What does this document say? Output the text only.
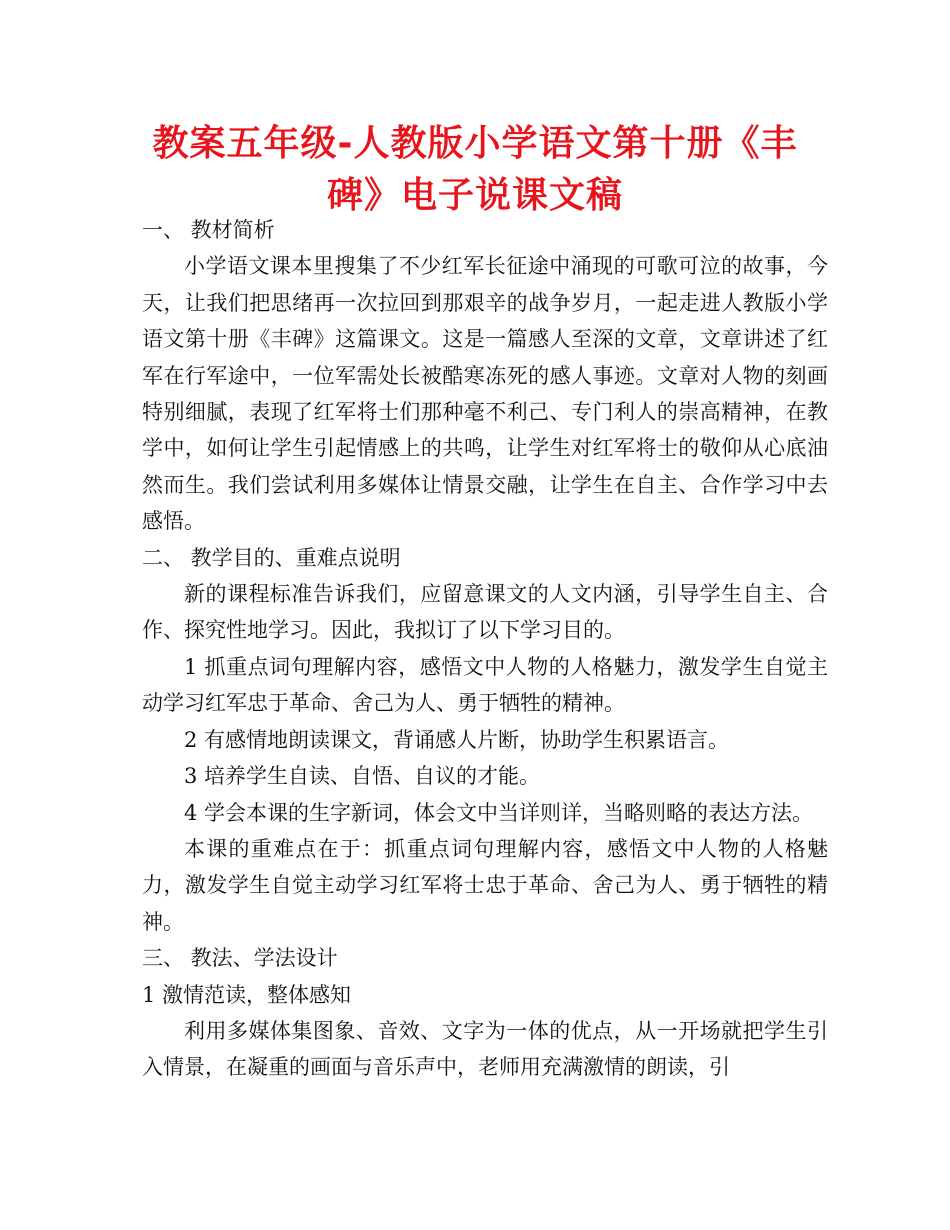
教案五年级-人教版小学语文第十册《丰碑》电子说课文稿

一、 教材简析

小学语文课本里搜集了不少红军长征途中涌现的可歌可泣的故事，今天，让我们把思绪再一次拉回到那艰辛的战争岁月，一起走进人教版小学语文第十册《丰碑》这篇课文。这是一篇感人至深的文章，文章讲述了红军在行军途中，一位军需处长被酷寒冻死的感人事迹。文章对人物的刻画特别细腻，表现了红军将士们那种毫不利己、专门利人的崇高精神，在教学中，如何让学生引起情感上的共鸣，让学生对红军将士的敬仰从心底油然而生。我们尝试利用多媒体让情景交融，让学生在自主、合作学习中去感悟。

二、 教学目的、重难点说明

新的课程标准告诉我们，应留意课文的人文内涵，引导学生自主、合作、探究性地学习。因此，我拟订了以下学习目的。

1 抓重点词句理解内容，感悟文中人物的人格魅力，激发学生自觉主动学习红军忠于革命、舍己为人、勇于牺牲的精神。

2 有感情地朗读课文，背诵感人片断，协助学生积累语言。

3 培养学生自读、自悟、自议的才能。

4 学会本课的生字新词，体会文中当详则详，当略则略的表达方法。

本课的重难点在于：抓重点词句理解内容，感悟文中人物的人格魅力，激发学生自觉主动学习红军将士忠于革命、舍己为人、勇于牺牲的精神。

三、 教法、学法设计

1 激情范读，整体感知

利用多媒体集图象、音效、文字为一体的优点，从一开场就把学生引入情景，在凝重的画面与音乐声中，老师用充满激情的朗读，引
